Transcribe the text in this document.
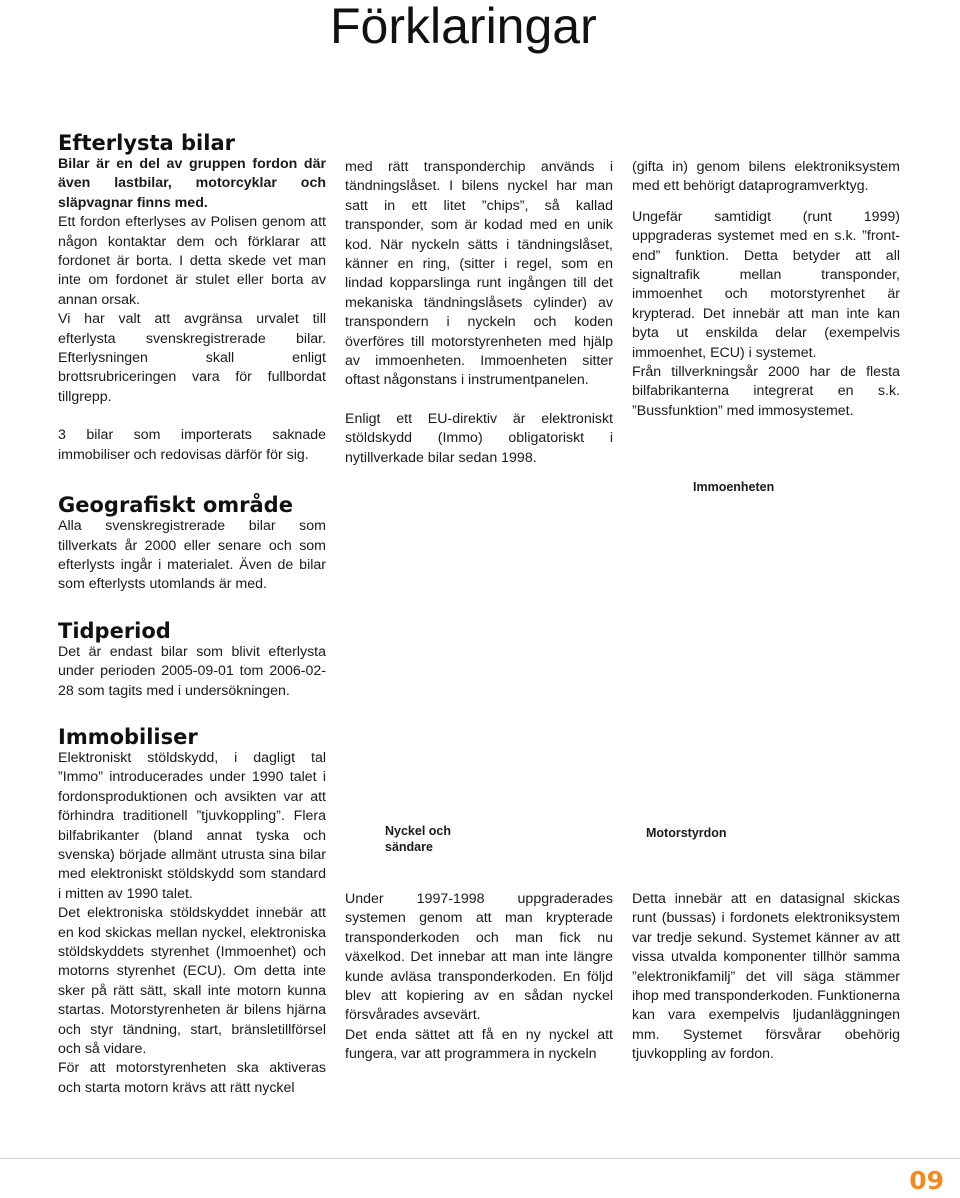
Förklaringar
Efterlysta bilar

Bilar är en del av gruppen fordon där även lastbilar, motorcyklar och släpvagnar finns med.

Ett fordon efterlyses av Polisen genom att någon kontaktar dem och förklarar att fordonet är borta. I detta skede vet man inte om fordonet är stulet eller borta av annan orsak.

Vi har valt att avgränsa urvalet till efterlysta svenskregistrerade bilar. Efterlysningen skall enligt brottsrubriceringen vara för fullbordat tillgrepp.

3 bilar som importerats saknade immobiliser och redovisas därför för sig.

Geografiskt område

Alla svenskregistrerade bilar som tillverkats år 2000 eller senare och som efterlysts ingår i materialet. Även de bilar som efterlysts utomlands är med.

Tidperiod

Det är endast bilar som blivit efterlysta under perioden 2005-09-01 tom 2006-02-28 som tagits med i undersökningen.

Immobiliser

Elektroniskt stöldskydd, i dagligt tal ”Immo” introducerades under 1990 talet i fordonsproduktionen och avsikten var att förhindra traditionell ”tjuvkoppling”. Flera bilfabrikanter (bland annat tyska och svenska) började allmänt utrusta sina bilar med elektroniskt stöldskydd som standard i mitten av 1990 talet.

Det elektroniska stöldskyddet innebär att en kod skickas mellan nyckel, elektroniska stöldskyddets styrenhet (Immoenhet) och motorns styrenhet (ECU). Om detta inte sker på rätt sätt, skall inte motorn kunna startas. Motorstyrenheten är bilens hjärna och styr tändning, start, bränsletillförsel och så vidare.

För att motorstyrenheten ska aktiveras och starta motorn krävs att rätt nyckel

med rätt transponderchip används i tändningslåset. I bilens nyckel har man satt in ett litet ”chips”, så kallad transponder, som är kodad med en unik kod. När nyckeln sätts i tändningslåset, känner en ring, (sitter i regel, som en lindad kopparslinga runt ingången till det mekaniska tändningslåsets cylinder) av transpondern i nyckeln och koden överföres till motorstyrenheten med hjälp av immoenheten. Immoenheten sitter oftast någonstans i instrumentpanelen.

Enligt ett EU-direktiv är elektroniskt stöldskydd (Immo) obligatoriskt i nytillverkade bilar sedan 1998.

Under 1997-1998 uppgraderades systemen genom att man krypterade transponderkoden och man fick nu växelkod. Det innebar att man inte längre kunde avläsa transponderkoden. En följd blev att kopiering av en sådan nyckel försvårades avsevärt.

Det enda sättet att få en ny nyckel att fungera, var att programmera in nyckeln

(gifta in) genom bilens elektroniksystem med ett behörigt dataprogramverktyg.

Ungefär samtidigt (runt 1999) uppgraderas systemet med en s.k. ”front-end” funktion. Detta betyder att all signaltrafik mellan transponder, immoenhet och motorstyrenhet är krypterad. Det innebär att man inte kan byta ut enskilda delar (exempelvis immoenhet, ECU) i systemet.

Från tillverkningsår 2000 har de flesta bilfabrikanterna integrerat en s.k. ”Bussfunktion” med immosystemet.

Detta innebär att en datasignal skickas runt (bussas) i fordonets elektroniksystem var tredje sekund. Systemet känner av att vissa utvalda komponenter tillhör samma ”elektronikfamilj” det vill säga stämmer ihop med transponderkoden. Funktionerna kan vara exempelvis ljudanläggningen mm. Systemet försvårar obehörig tjuvkoppling av fordon.

Immoenheten
Nyckel och sändare
Motorstyrdon
09
